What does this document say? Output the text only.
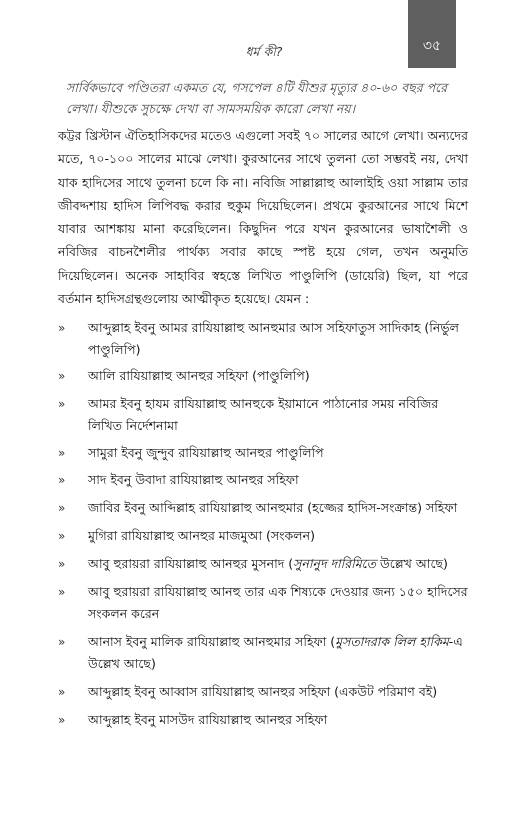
ধর্ম কী?	৩৫

সার্বিকভাবে পণ্ডিতরা একমত যে, গসপেল ৪টি যীশুর মৃত্যুর ৪০-৬০ বছর পরে লেখা। যীশুকে সুচক্ষে দেখা বা সামসময়িক কারো লেখা নয়।

কট্টর খ্রিস্টান ঐতিহাসিকদের মতেও এগুলো সবই ৭০ সালের আগে লেখা। অন্যদের মতে, ৭০-১০০ সালের মাঝে লেখা। কুরআনের সাথে তুলনা তো সম্ভবই নয়, দেখা যাক হাদিসের সাথে তুলনা চলে কি না। নবিজি সাল্লাল্লাহু আলাইহি ওয়া সাল্লাম তার জীবদ্দশায় হাদিস লিপিবদ্ধ করার হুকুম দিয়েছিলেন। প্রথমে কুরআনের সাথে মিশে যাবার আশঙ্কায় মানা করেছিলেন। কিছুদিন পরে যখন কুরআনের ভাষাশৈলী ও নবিজির বাচনশৈলীর পার্থক্য সবার কাছে স্পষ্ট হয়ে গেল, তখন অনুমতি দিয়েছিলেন। অনেক সাহাবির স্বহস্তে লিখিত পাণ্ডুলিপি (ডায়েরি) ছিল, যা পরে বর্তমান হাদিসগ্রন্থগুলোয় আত্মীকৃত হয়েছে। যেমন :

»	আব্দুল্লাহ ইবনু আমর রাযিয়াল্লাহু আনহুমার আস সহিফাতুস সাদিকাহ (নির্ভুল পাণ্ডুলিপি)
»	আলি রাযিয়াল্লাহু আনহুর সহিফা (পাণ্ডুলিপি)
»	আমর ইবনু হাযম রাযিয়াল্লাহু আনহুকে ইয়ামানে পাঠানোর সময় নবিজির লিখিত নির্দেশনামা
»	সামুরা ইবনু জুন্দুব রাযিয়াল্লাহু আনহুর পাণ্ডুলিপি
»	সাদ ইবনু উবাদা রাযিয়াল্লাহু আনহুর সহিফা
»	জাবির ইবনু আব্দিল্লাহ রাযিয়াল্লাহু আনহুমার (হজ্জের হাদিস-সংক্রান্ত) সহিফা
»	মুগিরা রাযিয়াল্লাহু আনহুর মাজমুআ (সংকলন)
»	আবু হুরায়রা রাযিয়াল্লাহু আনহুর মুসনাদ (সুনানুদ দারিমিতে উল্লেখ আছে)
»	আবু হুরায়রা রাযিয়াল্লাহু আনহু তার এক শিষ্যকে দেওয়ার জন্য ১৫০ হাদিসের সংকলন করেন
»	আনাস ইবনু মালিক রাযিয়াল্লাহু আনহুমার সহিফা (মুসতাদরাক লিল হাকিম-এ উল্লেখ আছে)
»	আব্দুল্লাহ ইবনু আব্বাস রাযিয়াল্লাহু আনহুর সহিফা (একউট পরিমাণ বই)
»	আব্দুল্লাহ ইবনু মাসউদ রাযিয়াল্লাহু আনহুর সহিফা
